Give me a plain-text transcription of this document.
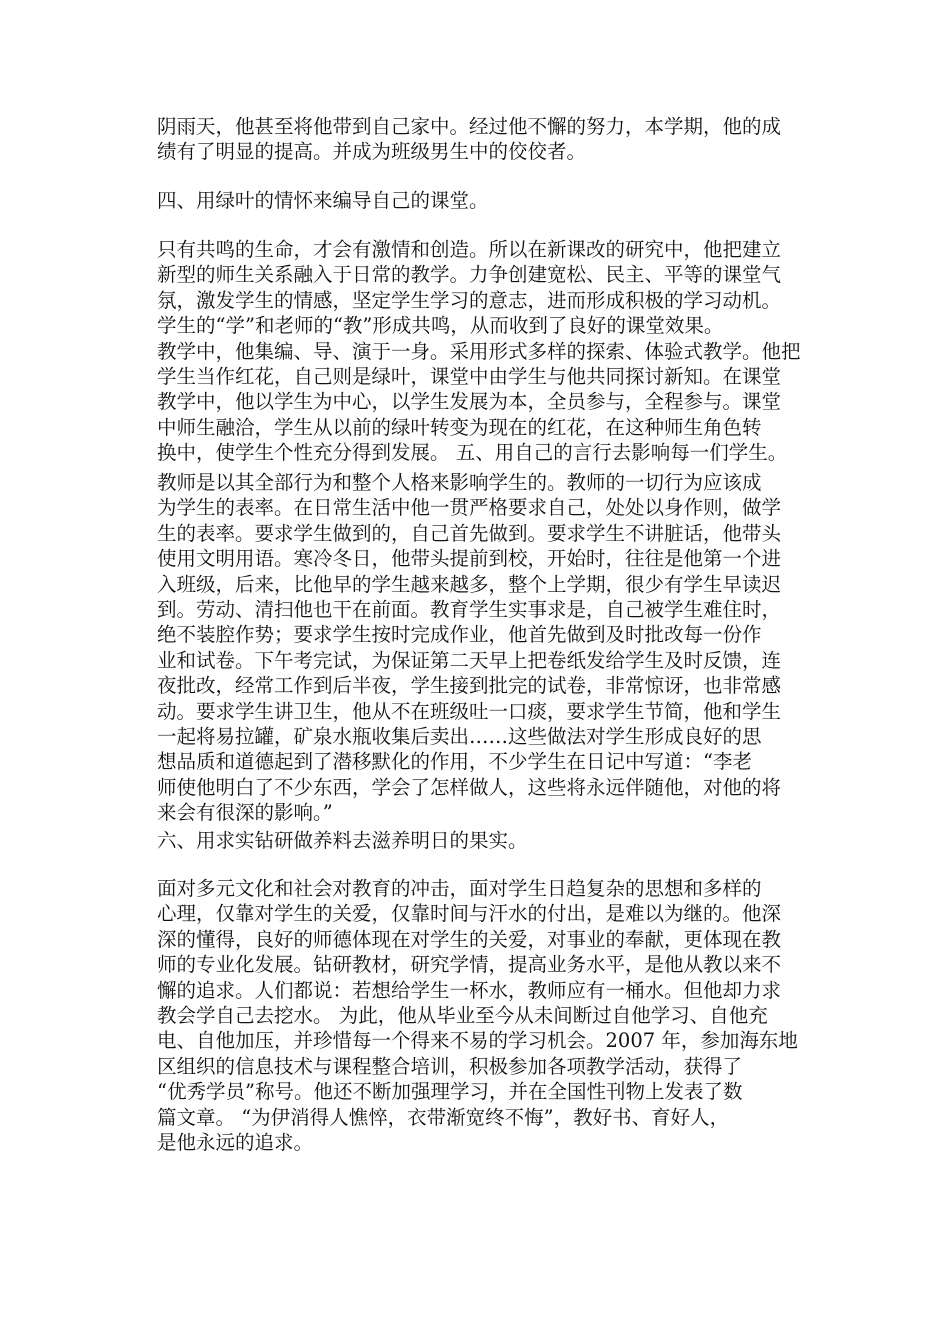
阴雨天，他甚至将他带到自己家中。经过他不懈的努力，本学期，他的成
绩有了明显的提高。并成为班级男生中的佼佼者。
四、用绿叶的情怀来编导自己的课堂。
只有共鸣的生命，才会有激情和创造。所以在新课改的研究中，他把建立
新型的师生关系融入于日常的教学。力争创建宽松、民主、平等的课堂气
氛，激发学生的情感，坚定学生学习的意志，进而形成积极的学习动机。
学生的“学”和老师的“教”形成共鸣，从而收到了良好的课堂效果。
教学中，他集编、导、演于一身。采用形式多样的探索、体验式教学。他把
学生当作红花，自己则是绿叶，课堂中由学生与他共同探讨新知。在课堂
教学中，他以学生为中心，以学生发展为本，全员参与，全程参与。课堂
中师生融洽，学生从以前的绿叶转变为现在的红花，在这种师生角色转
换中，使学生个性充分得到发展。 五、用自己的言行去影响每一们学生。
教师是以其全部行为和整个人格来影响学生的。教师的一切行为应该成
为学生的表率。在日常生活中他一贯严格要求自己，处处以身作则，做学
生的表率。要求学生做到的，自己首先做到。要求学生不讲脏话，他带头
使用文明用语。寒冷冬日，他带头提前到校，开始时，往往是他第一个进
入班级，后来，比他早的学生越来越多，整个上学期，很少有学生早读迟
到。劳动、清扫他也干在前面。教育学生实事求是，自己被学生难住时，
绝不装腔作势；要求学生按时完成作业，他首先做到及时批改每一份作
业和试卷。下午考完试，为保证第二天早上把卷纸发给学生及时反馈，连
夜批改，经常工作到后半夜，学生接到批完的试卷，非常惊讶，也非常感
动。要求学生讲卫生，他从不在班级吐一口痰，要求学生节简，他和学生
一起将易拉罐，矿泉水瓶收集后卖出……这些做法对学生形成良好的思
想品质和道德起到了潜移默化的作用，不少学生在日记中写道：“李老
师使他明白了不少东西，学会了怎样做人，这些将永远伴随他，对他的将
来会有很深的影响。”
六、用求实钻研做养料去滋养明日的果实。
面对多元文化和社会对教育的冲击，面对学生日趋复杂的思想和多样的
心理，仅靠对学生的关爱，仅靠时间与汗水的付出，是难以为继的。他深
深的懂得，良好的师德体现在对学生的关爱，对事业的奉献，更体现在教
师的专业化发展。钻研教材，研究学情，提高业务水平，是他从教以来不
懈的追求。人们都说：若想给学生一杯水，教师应有一桶水。但他却力求
教会学自己去挖水。 为此，他从毕业至今从未间断过自他学习、自他充
电、自他加压，并珍惜每一个得来不易的学习机会。2007 年，参加海东地
区组织的信息技术与课程整合培训，积极参加各项教学活动，获得了
“优秀学员”称号。他还不断加强理学习，并在全国性刊物上发表了数
篇文章。 “为伊消得人憔悴，衣带渐宽终不悔”，教好书、育好人，
是他永远的追求。
